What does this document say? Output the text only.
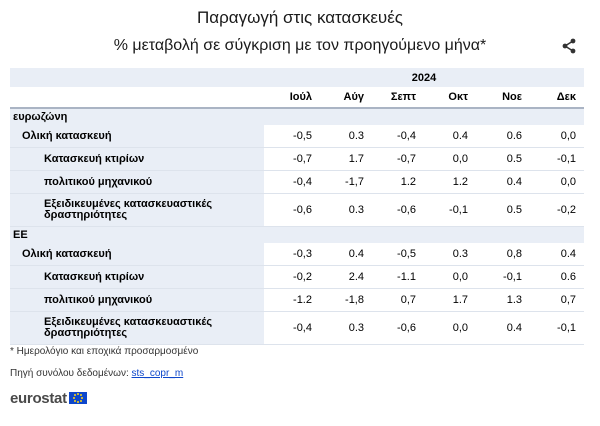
Παραγωγή στις κατασκευές
% μεταβολή σε σύγκριση με τον προηγούμενο μήνα*
	2024					
	Ιούλ	Αύγ	Σεπτ	Οκτ	Νοε	Δεκ
ευρωζώνη						
Ολική κατασκευή	-0,5	0.3	-0,4	0.4	0.6	0,0
Κατασκευή κτιρίων	-0,7	1.7	-0,7	0,0	0.5	-0,1
πολιτικού μηχανικού	-0,4	-1,7	1.2	1.2	0.4	0,0
Εξειδικευμένες κατασκευαστικές δραστηριότητες	-0,6	0.3	-0,6	-0,1	0.5	-0,2
ΕΕ						
Ολική κατασκευή	-0,3	0.4	-0,5	0.3	0,8	0.4
Κατασκευή κτιρίων	-0,2	2.4	-1.1	0,0	-0,1	0.6
πολιτικού μηχανικού	-1.2	-1,8	0,7	1.7	1.3	0,7
Εξειδικευμένες κατασκευαστικές δραστηριότητες	-0,4	0.3	-0,6	0,0	0.4	-0,1
* Ημερολόγιο και εποχικά προσαρμοσμένο
Πηγή συνόλου δεδομένων: sts_copr_m
eurostat
